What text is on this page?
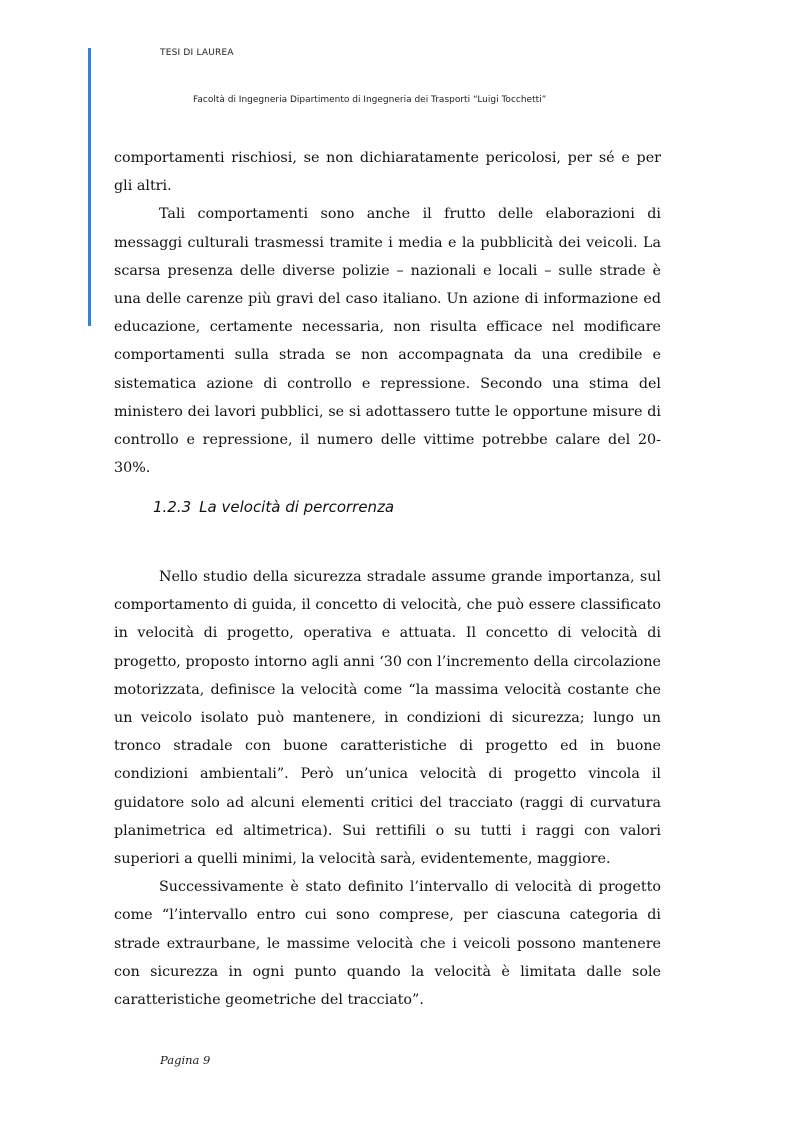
TESI DI LAUREA
Facoltà di Ingegneria Dipartimento di Ingegneria dei Trasporti “Luigi Tocchetti”

comportamenti rischiosi, se non dichiaratamente pericolosi, per sé e per gli altri.

Tali comportamenti sono anche il frutto delle elaborazioni di messaggi culturali trasmessi tramite i media e la pubblicità dei veicoli. La scarsa presenza delle diverse polizie – nazionali e locali – sulle strade è una delle carenze più gravi del caso italiano. Un azione di informazione ed educazione, certamente necessaria, non risulta efficace nel modificare comportamenti sulla strada se non accompagnata da una credibile e sistematica azione di controllo e repressione. Secondo una stima del ministero dei lavori pubblici, se si adottassero tutte le opportune misure di controllo e repressione, il numero delle vittime potrebbe calare del 20-30%.

1.2.3 La velocità di percorrenza

Nello studio della sicurezza stradale assume grande importanza, sul comportamento di guida, il concetto di velocità, che può essere classificato in velocità di progetto, operativa e attuata. Il concetto di velocità di progetto, proposto intorno agli anni ‘30 con l’incremento della circolazione motorizzata, definisce la velocità come “la massima velocità costante che un veicolo isolato può mantenere, in condizioni di sicurezza; lungo un tronco stradale con buone caratteristiche di progetto ed in buone condizioni ambientali”. Però un’unica velocità di progetto vincola il guidatore solo ad alcuni elementi critici del tracciato (raggi di curvatura planimetrica ed altimetrica). Sui rettifili o su tutti i raggi con valori superiori a quelli minimi, la velocità sarà, evidentemente, maggiore.

Successivamente è stato definito l’intervallo di velocità di progetto come “l’intervallo entro cui sono comprese, per ciascuna categoria di strade extraurbane, le massime velocità che i veicoli possono mantenere con sicurezza in ogni punto quando la velocità è limitata dalle sole caratteristiche geometriche del tracciato”.

Pagina 9
